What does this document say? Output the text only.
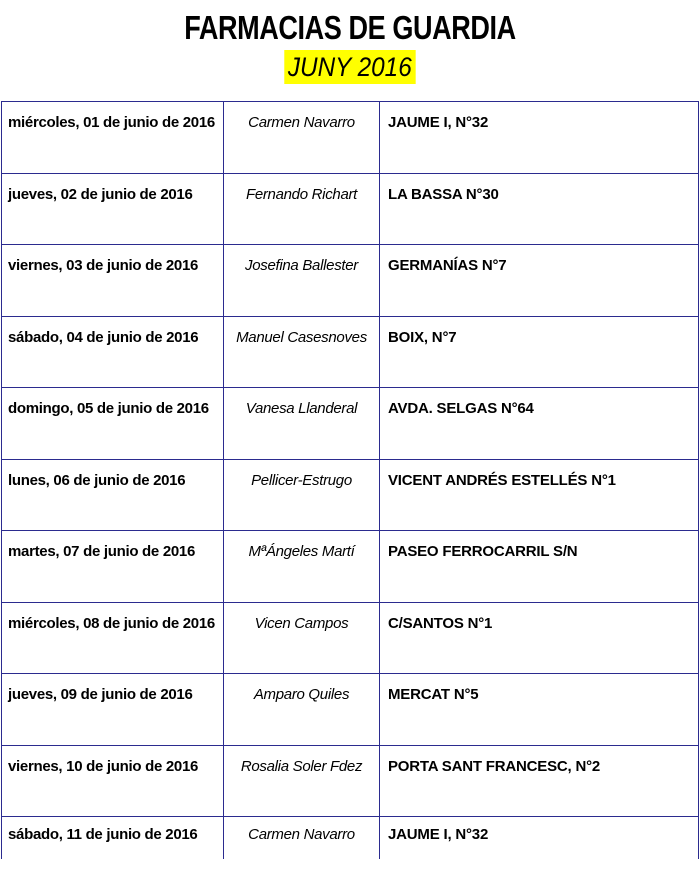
FARMACIAS DE GUARDIA
JUNY 2016
miércoles, 01 de junio de 2016	Carmen Navarro	JAUME I, N°32
jueves, 02 de junio de 2016	Fernando Richart	LA BASSA N°30
viernes, 03 de junio de 2016	Josefina Ballester	GERMANÍAS N°7
sábado, 04 de junio de 2016	Manuel Casesnoves	BOIX, N°7
domingo, 05 de junio de 2016	Vanesa Llanderal	AVDA. SELGAS N°64
lunes, 06 de junio de 2016	Pellicer-Estrugo	VICENT ANDRÉS ESTELLÉS N°1
martes, 07 de junio de 2016	MªÁngeles Martí	PASEO FERROCARRIL S/N
miércoles, 08 de junio de 2016	Vicen Campos	C/SANTOS N°1
jueves, 09 de junio de 2016	Amparo Quiles	MERCAT N°5
viernes, 10 de junio de 2016	Rosalia Soler Fdez	PORTA SANT FRANCESC, N°2
sábado, 11 de junio de 2016	Carmen Navarro	JAUME I, N°32
